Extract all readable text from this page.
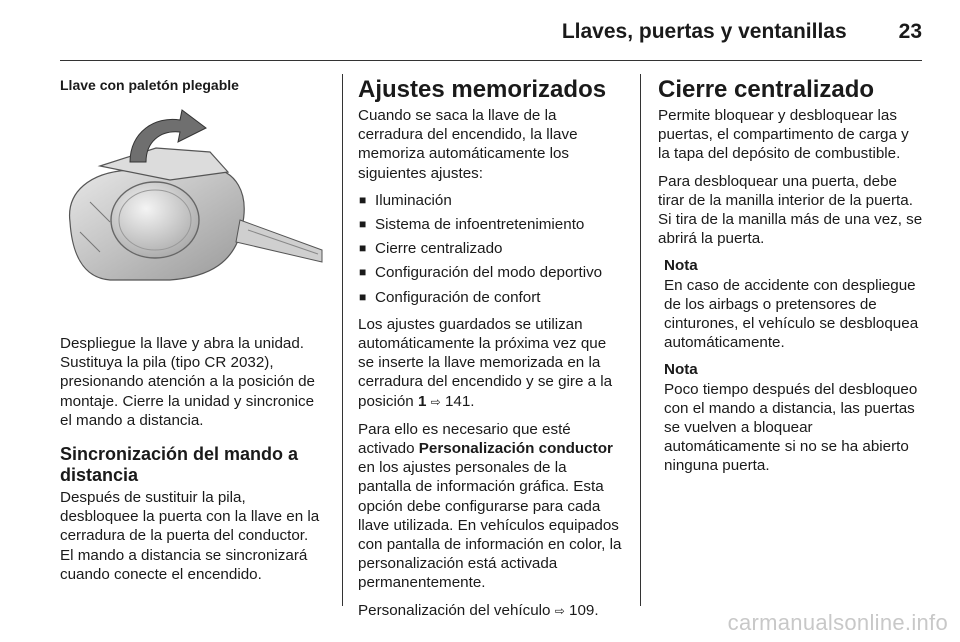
Llaves, puertas y ventanillas 23
Llave con paletón plegable

Despliegue la llave y abra la unidad. Sustituya la pila (tipo CR 2032), presionando atención a la posición de montaje. Cierre la unidad y sincronice el mando a distancia.

Sincronización del mando a distancia

Después de sustituir la pila, desbloquee la puerta con la llave en la cerradura de la puerta del conductor. El mando a distancia se sincronizará cuando conecte el encendido.

Ajustes memorizados

Cuando se saca la llave de la cerradura del encendido, la llave memoriza automáticamente los siguientes ajustes:

■ Iluminación
■ Sistema de infoentretenimiento
■ Cierre centralizado
■ Configuración del modo deportivo
■ Configuración de confort

Los ajustes guardados se utilizan automáticamente la próxima vez que se inserte la llave memorizada en la cerradura del encendido y se gire a la posición 1 ⇨ 141.

Para ello es necesario que esté activado Personalización conductor en los ajustes personales de la pantalla de información gráfica. Esta opción debe configurarse para cada llave utilizada. En vehículos equipados con pantalla de información en color, la personalización está activada permanentemente.

Personalización del vehículo ⇨ 109.

Cierre centralizado

Permite bloquear y desbloquear las puertas, el compartimento de carga y la tapa del depósito de combustible.

Para desbloquear una puerta, debe tirar de la manilla interior de la puerta. Si tira de la manilla más de una vez, se abrirá la puerta.

Nota
En caso de accidente con despliegue de los airbags o pretensores de cinturones, el vehículo se desbloquea automáticamente.
Nota
Poco tiempo después del desbloqueo con el mando a distancia, las puertas se vuelven a bloquear automáticamente si no se ha abierto ninguna puerta.
carmanualsonline.info
